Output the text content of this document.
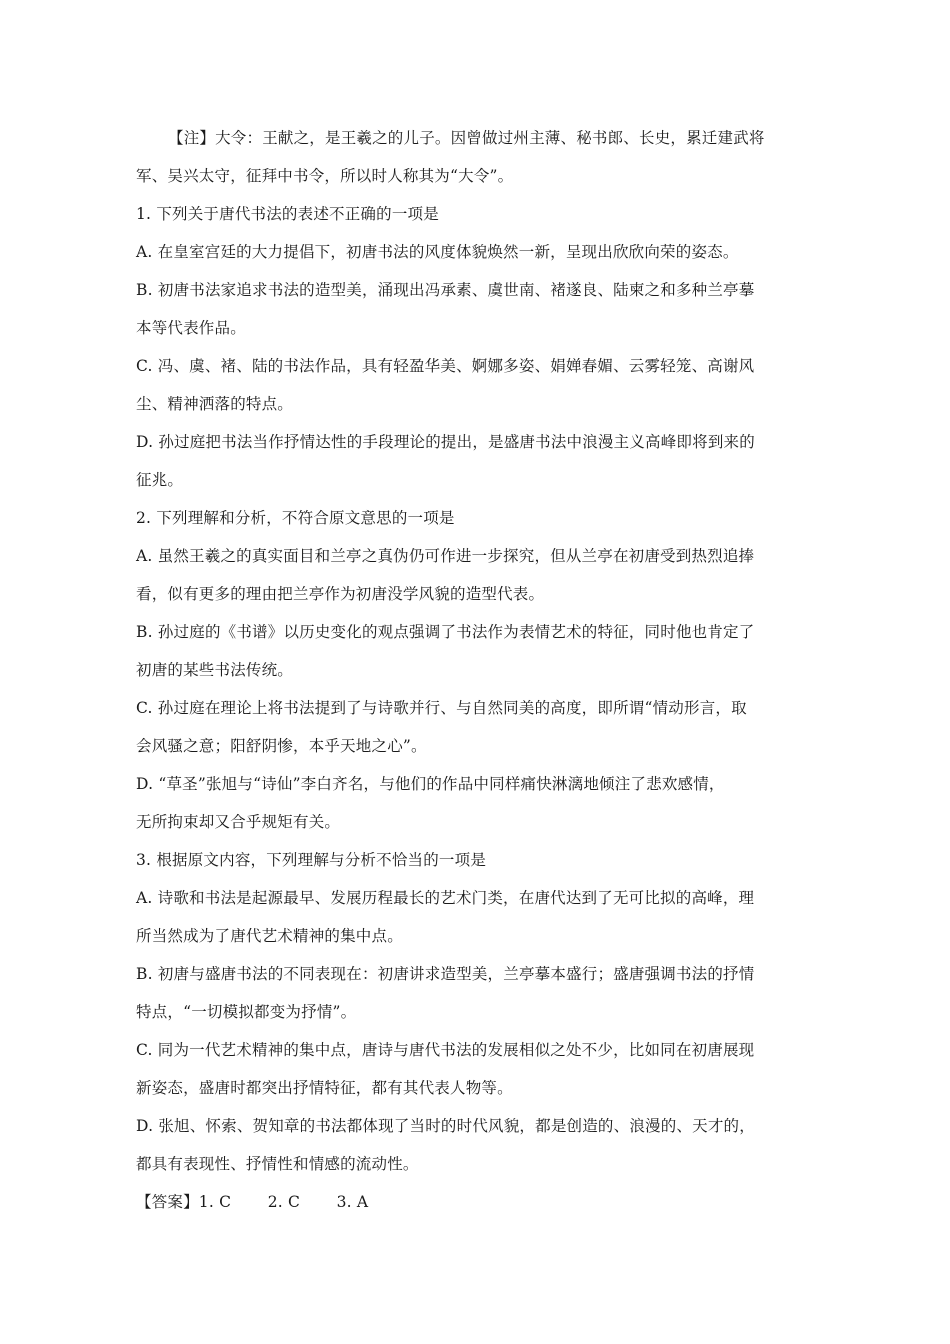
【注】大令：王献之，是王羲之的儿子。因曾做过州主薄、秘书郎、长史，累迁建武将
军、吴兴太守，征拜中书令，所以时人称其为“大令”。
1. 下列关于唐代书法的表述不正确的一项是
A. 在皇室宫廷的大力提倡下，初唐书法的风度体貌焕然一新，呈现出欣欣向荣的姿态。
B. 初唐书法家追求书法的造型美，涌现出冯承素、虞世南、褚遂良、陆柬之和多种兰亭摹
本等代表作品。
C. 冯、虞、褚、陆的书法作品，具有轻盈华美、婀娜多姿、娟婵春媚、云雾轻笼、高谢风
尘、精神洒落的特点。
D. 孙过庭把书法当作抒情达性的手段理论的提出，是盛唐书法中浪漫主义高峰即将到来的
征兆。
2. 下列理解和分析，不符合原文意思的一项是
A. 虽然王羲之的真实面目和兰亭之真伪仍可作进一步探究，但从兰亭在初唐受到热烈追捧
看，似有更多的理由把兰亭作为初唐没学风貌的造型代表。
B. 孙过庭的《书谱》以历史变化的观点强调了书法作为表情艺术的特征，同时他也肯定了
初唐的某些书法传统。
C. 孙过庭在理论上将书法提到了与诗歌并行、与自然同美的高度，即所谓“情动形言，取
会风骚之意；阳舒阴惨，本乎天地之心”。
D. “草圣”张旭与“诗仙”李白齐名，与他们的作品中同样痛快淋漓地倾注了悲欢感情，
无所拘束却又合乎规矩有关。
3. 根据原文内容，下列理解与分析不恰当的一项是
A. 诗歌和书法是起源最早、发展历程最长的艺术门类，在唐代达到了无可比拟的高峰，理
所当然成为了唐代艺术精神的集中点。
B. 初唐与盛唐书法的不同表现在：初唐讲求造型美，兰亭摹本盛行；盛唐强调书法的抒情
特点，“一切模拟都变为抒情”。
C. 同为一代艺术精神的集中点，唐诗与唐代书法的发展相似之处不少，比如同在初唐展现
新姿态，盛唐时都突出抒情特征，都有其代表人物等。
D. 张旭、怀索、贺知章的书法都体现了当时的时代风貌，都是创造的、浪漫的、天才的，
都具有表现性、抒情性和情感的流动性。
【答案】1. C　　 2. C　　 3. A
